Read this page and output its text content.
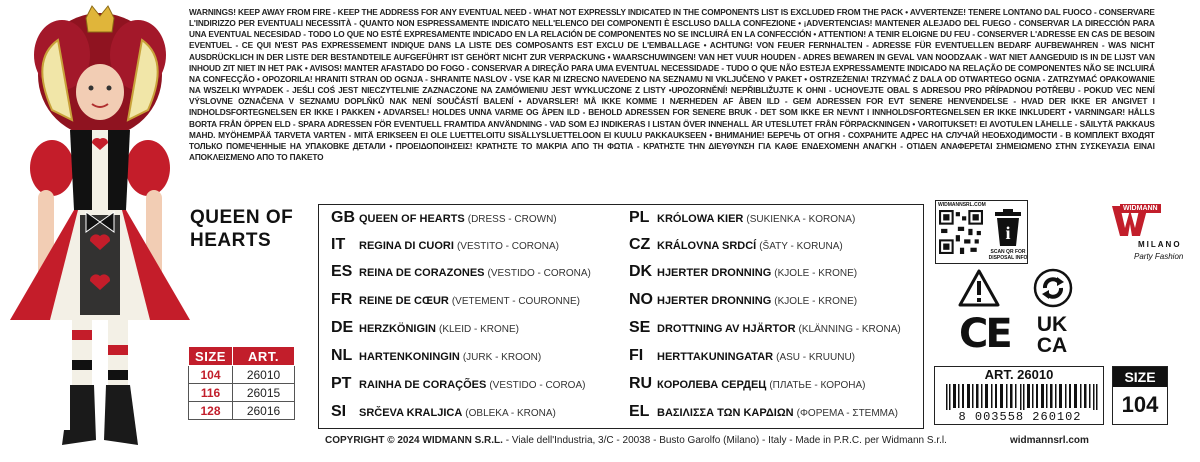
WARNINGS! KEEP AWAY FROM FIRE - KEEP THE ADDRESS FOR ANY EVENTUAL NEED - WHAT NOT EXPRESSLY INDICATED IN THE COMPONENTS LIST IS EXCLUDED FROM THE PACK • AVVERTENZE! TENERE LONTANO DAL FUOCO - CONSERVARE L'INDIRIZZO PER EVENTUALI NECESSITÀ - QUANTO NON ESPRESSAMENTE INDICATO NELL'ELENCO DEI COMPONENTI È ESCLUSO DALLA CONFEZIONE • ¡ADVERTENCIAS! MANTENER ALEJADO DEL FUEGO - CONSERVAR LA DIRECCIÓN PARA UNA EVENTUAL NECESIDAD - TODO LO QUE NO ESTÉ EXPRESAMENTE INDICADO EN LA RELACIÓN DE COMPONENTES NO SE INCLUIRÁ EN LA CONFECCIÓN • ATTENTION! A TENIR ELOIGNE DU FEU - CONSERVER L'ADRESSE EN CAS DE BESOIN EVENTUEL - CE QUI N'EST PAS EXPRESSEMENT INDIQUE DANS LA LISTE DES COMPOSANTS EST EXCLU DE L'EMBALLAGE • ACHTUNG! VON FEUER FERNHALTEN - ADRESSE FÜR EVENTUELLEN BEDARF AUFBEWAHREN - WAS NICHT AUSDRÜCKLICH IN DER LISTE DER BESTANDTEILE AUFGEFÜHRT IST GEHÖRT NICHT ZUR VERPACKUNG • WAARSCHUWINGEN! VAN HET VUUR HOUDEN - ADRES BEWAREN IN GEVAL VAN NOODZAAK - WAT NIET AANGEDUID IS IN DE LIJST VAN INHOUD ZIT NIET IN HET PAK • AVISOS! MANTER AFASTADO DO FOGO - CONSERVAR A DIREÇÃO PARA UMA EVENTUAL NECESSIDADE - TUDO O QUE NÃO ESTEJA EXPRESSAMENTE INDICADO NA RELAÇÃO DE COMPONENTES NÃO SE INCLUIRÁ NA CONFECÇÃO • OPOZORILA! HRANITI STRAN OD OGNJA - SHRANITE NASLOV - VSE KAR NI IZRECNO NAVEDENO NA SEZNAMU NI VKLJUČENO V PAKET • OSTRZEŻENIA! TRZYMAĆ Z DALA OD OTWARTEGO OGNIA - ZATRZYMAĆ OPAKOWANIE NA WSZELKI WYPADEK - JEŚLI COŚ JEST NIECZYTELNIE ZAZNACZONE NA ZAMÓWIENIU JEST WYKLUCZONE Z LISTY •UPOZORNĚNÍ! NEPŘIBLIŽUJTE K OHNI - UCHOVEJTE OBAL S ADRESOU PRO PŘÍPADNOU POTŘEBU - POKUD VEC NENÍ VÝSLOVNE OZNAČENA V SEZNAMU DOPLŇKŮ NAK NENÍ SOUČÁSTÍ BALENÍ • ADVARSLER! MÅ IKKE KOMME I NÆRHEDEN AF ÅBEN ILD - GEM ADRESSEN FOR EVT SENERE HENVENDELSE - HVAD DER IKKE ER ANGIVET I INDHOLDSFORTEGNELSEN ER IKKE I PAKKEN • ADVARSEL! HOLDES UNNA VARME OG ÅPEN ILD - BEHOLD ADRESSEN FOR SENERE BRUK - DET SOM IKKE ER NEVNT I INNHOLDSFORTEGNELSEN ER IKKE INKLUDERT • VARNINGAR! HÅLLS BORTA FRÅN ÖPPEN ELD - SPARA ADRESSEN FÖR EVENTUELL FRAMTIDA ANVÄNDNING - VAD SOM EJ INDIKERAS I LISTAN ÖVER INNEHALL ÄR UTESLUTET FRÅN FÖRPACKNINGEN • VAROITUKSET! EI AVOTULEN LÄHELLE - SÄILYTÄ PAKKAUS MAHD. MYÖHEMPÄÄ TARVETA VARTEN - MITÄ ERIKSEEN EI OLE LUETTELOITU SISÄLLYSLUETTELOON EI KUULU PAKKAUKSEEN • ВНИМАНИЕ! БЕРЕЧЬ ОТ ОГНЯ - СОХРАНИТЕ АДРЕС НА СЛУЧАЙ НЕОБХОДИМОСТИ - В КОМПЛЕКТ ВХОДЯТ ТОЛЬКО ПОМЕЧЕННЫЕ НА УПАКОВКЕ ДЕТАЛИ • ΠΡΟΕΙΔΟΠΟΙΗΣΕΙΣ! ΚΡΑΤΗΣΤΕ ΤΟ ΜΑΚΡΙΑ ΑΠΟ ΤΗ ΦΩΤΙΑ - ΚΡΑΤΗΣΤΕ ΤΗΝ ΔΙΕΥΘΥΝΣΗ ΓΙΑ ΚΑΘΕ ΕΝΔΕΧΟΜΕΝΗ ΑΝΑΓΚΗ - ΟΤΙΔΕΝ ΑΝΑΦΕΡΕΤΑΙ ΣΗΜΕΙΩΜΕΝΟ ΣΤΗΝ ΣΥΣΚΕΥΑΣΙΑ ΕΙΝΑΙ ΑΠΟΚΛΕΙΣΜΕΝΟ ΑΠΟ ΤΟ ΠΑΚΕΤΟ
QUEEN OF
HEARTS
SIZE	ART.
104	26010
116	26015
128	26016
GB QUEEN OF HEARTS (DRESS - CROWN)
IT	REGINA DI CUORI (VESTITO - CORONA)
ES REINA DE CORAZONES (VESTIDO - CORONA)
FR REINE DE CŒUR (VETEMENT - COURONNE)
DE HERZKÖNIGIN (KLEID - KRONE)
NL HARTENKONINGIN (JURK - KROON)
PT RAINHA DE CORAÇÕES (VESTIDO - COROA)
SI	SRČEVA KRALJICA (OBLEKA - KRONA)
PL KRÓLOWA KIER (SUKIENKA - KORONA)
CZ KRÁLOVNA SRDCÍ (ŠATY - KORUNA)
DK HJERTER DRONNING (KJOLE - KRONE)
NO HJERTER DRONNING (KJOLE - KRONE)
SE DROTTNING AV HJÄRTOR (KLÄNNING - KRONA)
FI	HERTTAKUNINGATAR (ASU - KRUUNU)
RU КОРОЛЕВА СЕРДЕЦ (ПЛАТЬЕ - КОРОНА)
EL ΒΑΣΙΛΙΣΣΑ ΤΩΝ ΚΑΡΔΙΩΝ (ΦΟΡΕΜΑ - ΣΤΕΜΜΑ)
COPYRIGHT © 2024 WIDMANN S.R.L. - Viale dell'Industria, 3/C - 20038 - Busto Garolfo (Milano) - Italy - Made in P.R.C. per Widmann S.r.l.	widmannsrl.com
WIDMANNSRL.COM
i
SCAN QR FOR
DISPOSAL INFO
WIDMANN
MILANO
Party Fashion
CE	UK
CA
ART. 26010
8 003558 260102
SIZE
104
